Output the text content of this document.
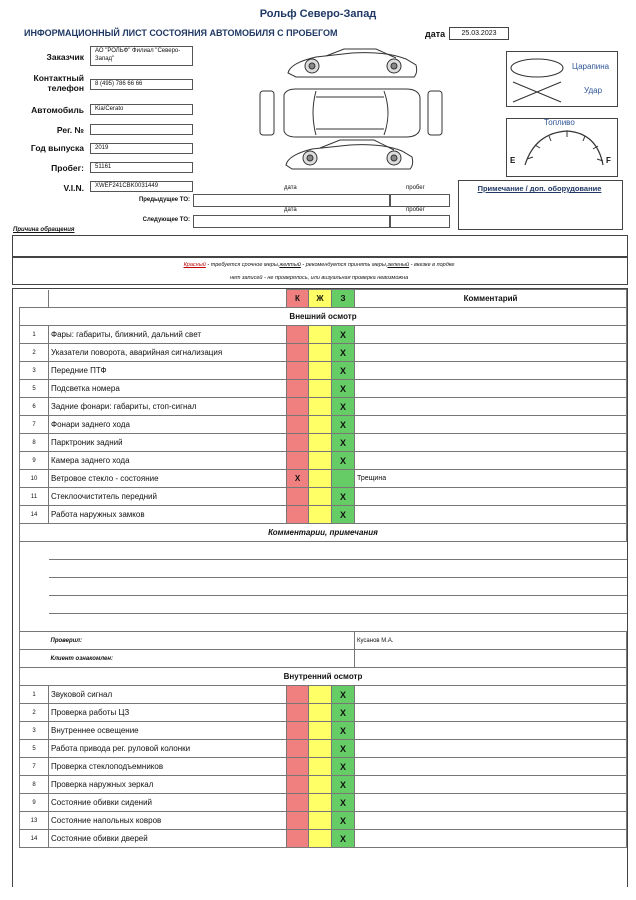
Рольф Северо-Запад
ИНФОРМАЦИОННЫЙ ЛИСТ СОСТОЯНИЯ АВТОМОБИЛЯ С ПРОБЕГОМ	дата	25.03.2023
Заказчик
АО "РОЛЬФ" Филиал "Северо-Запад"
Контактный телефон	8 (495) 786 66 66
Автомобиль	Kia/Cerato
Рег. №
Год выпуска	2019
Пробег:	51161
V.I.N.	XWEF241CBK0031449	дата	пробег
Предыдущее ТО:
дата	пробег
Следующее ТО:
Причина обращения
Царапина
Удар
Топливо
E	F
Примечание / доп. оборудование
Красный - требуется срочное меры,желтый - рекомендуется принять меры,зеленый - вкезке в пордке
нет записей - не проверялось, или визуальная проверка невозможна
		К	Ж	З	Комментарий
Внешний осмотр					
1	Фары: габариты, ближний, дальний свет			X	
2	Указатели поворота, аварийная сигнализация			X	
3	Передние ПТФ			X	
5	Подсветка номера			X	
6	Задние фонари: габариты, стоп-сигнал			X	
7	Фонари заднего хода			X	
8	Парктроник задний			X	
9	Камера заднего хода			X	
10	Ветровое стекло - состояние	X			Трещина
11	Стеклоочиститель передний			X	
14	Работа наружных замков			X	
Комментарии, примечания					

	Проверил:				Кусанов М.А.
	Клиент ознакомлен:				
Внутренний осмотр					
1	Звуковой сигнал			X	
2	Проверка работы ЦЗ			X	
3	Внутреннее освещение			X	
5	Работа привода рег. руловой колонки			X	
7	Проверка стеклоподъемников			X	
8	Проверка наружных зеркал			X	
9	Состояние обивки сидений			X	
13	Состояние напольных ковров			X	
14	Состояние обивки дверей			X	
